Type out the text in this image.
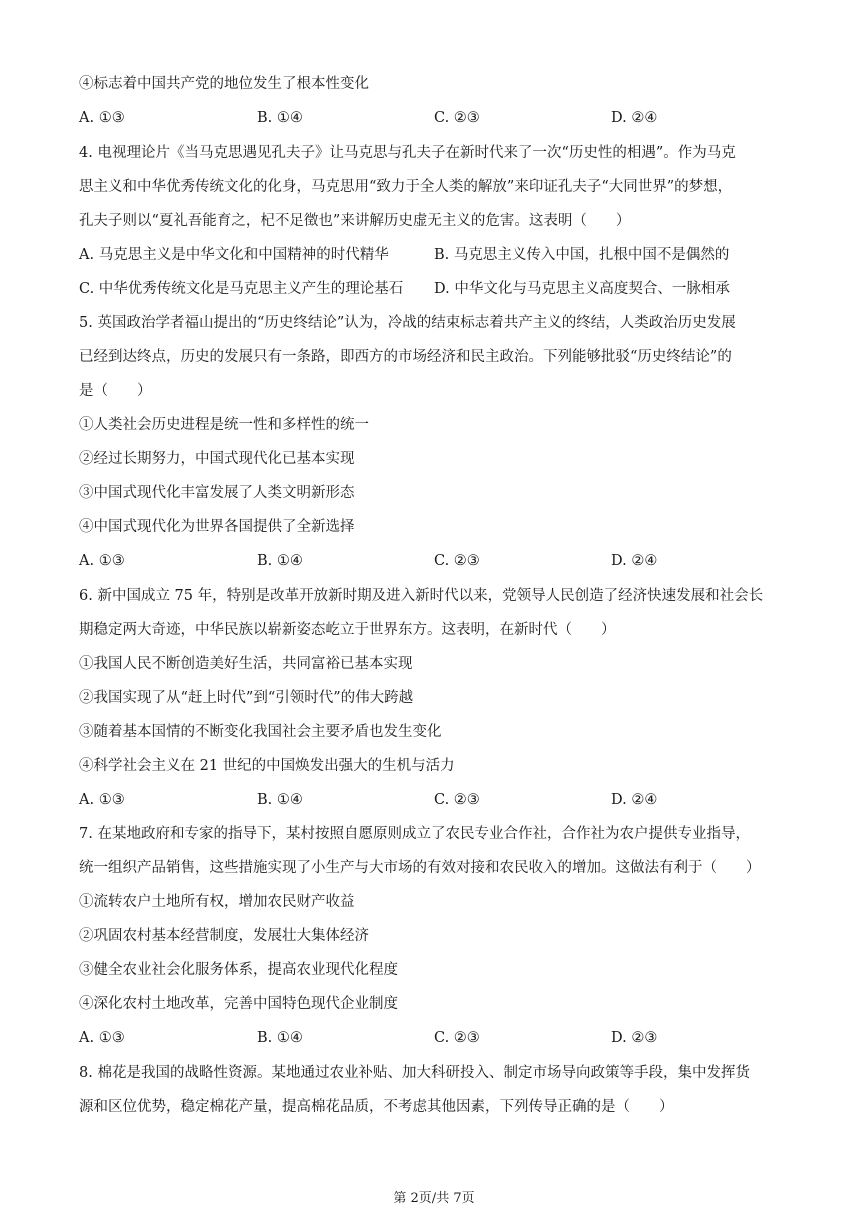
④标志着中国共产党的地位发生了根本性变化
A. ①③	B. ①④	C. ②③	D. ②④
4. 电视理论片《当马克思遇见孔夫子》让马克思与孔夫子在新时代来了一次“历史性的相遇”。作为马克
思主义和中华优秀传统文化的化身，马克思用“致力于全人类的解放”来印证孔夫子“大同世界”的梦想，
孔夫子则以“夏礼吾能育之，杞不足徵也”来讲解历史虚无主义的危害。这表明（　　）
A. 马克思主义是中华文化和中国精神的时代精华	B. 马克思主义传入中国，扎根中国不是偶然的
C. 中华优秀传统文化是马克思主义产生的理论基石 D. 中华文化与马克思主义高度契合、一脉相承
5. 英国政治学者福山提出的“历史终结论”认为，冷战的结束标志着共产主义的终结，人类政治历史发展
已经到达终点，历史的发展只有一条路，即西方的市场经济和民主政治。下列能够批驳“历史终结论”的
是（　　）
①人类社会历史进程是统一性和多样性的统一
②经过长期努力，中国式现代化已基本实现
③中国式现代化丰富发展了人类文明新形态
④中国式现代化为世界各国提供了全新选择
A. ①③	B. ①④	C. ②③	D. ②④
6. 新中国成立 75 年，特别是改革开放新时期及进入新时代以来，党领导人民创造了经济快速发展和社会长
期稳定两大奇迹，中华民族以崭新姿态屹立于世界东方。这表明，在新时代（　　）
①我国人民不断创造美好生活，共同富裕已基本实现
②我国实现了从“赶上时代”到“引领时代”的伟大跨越
③随着基本国情的不断变化我国社会主要矛盾也发生变化
④科学社会主义在 21 世纪的中国焕发出强大的生机与活力
A. ①③	B. ①④	C. ②③	D. ②④
7. 在某地政府和专家的指导下，某村按照自愿原则成立了农民专业合作社，合作社为农户提供专业指导，
统一组织产品销售，这些措施实现了小生产与大市场的有效对接和农民收入的增加。这做法有利于（　　）
①流转农户土地所有权，增加农民财产收益
②巩固农村基本经营制度，发展壮大集体经济
③健全农业社会化服务体系，提高农业现代化程度
④深化农村土地改革，完善中国特色现代企业制度
A. ①③	B. ①④	C. ②③	D. ②③
8. 棉花是我国的战略性资源。某地通过农业补贴、加大科研投入、制定市场导向政策等手段，集中发挥货
源和区位优势，稳定棉花产量，提高棉花品质，不考虑其他因素，下列传导正确的是（　　）
第 2页/共 7页
